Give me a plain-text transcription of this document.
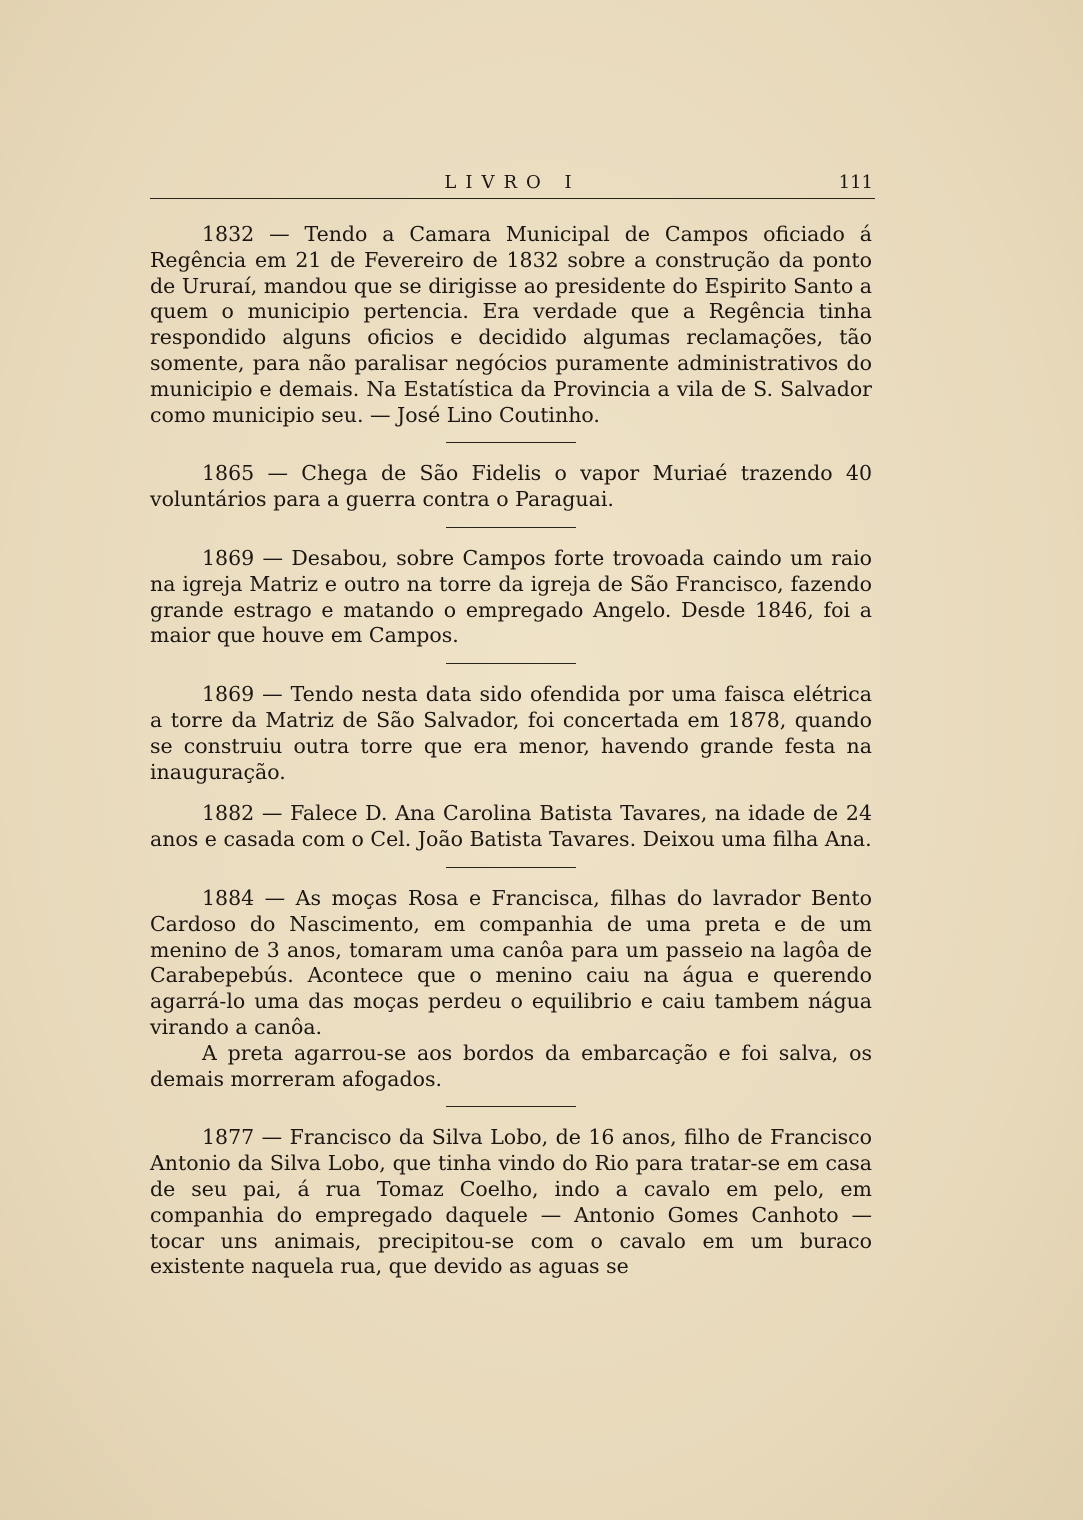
LIVRO I	111

1832 — Tendo a Camara Municipal de Campos oficiado á Regência em 21 de Fevereiro de 1832 sobre a construção da ponto de Ururaí, mandou que se dirigisse ao presidente do Espirito Santo a quem o municipio pertencia. Era verdade que a Regência tinha respondido alguns oficios e decidido algumas reclamações, tão somente, para não paralisar negócios puramente administrativos do municipio e demais. Na Estatística da Provincia a vila de S. Salvador como municipio seu. — José Lino Coutinho.

1865 — Chega de São Fidelis o vapor Muriaé trazendo 40 voluntários para a guerra contra o Paraguai.

1869 — Desabou, sobre Campos forte trovoada caindo um raio na igreja Matriz e outro na torre da igreja de São Francisco, fazendo grande estrago e matando o empregado Angelo. Desde 1846, foi a maior que houve em Campos.

1869 — Tendo nesta data sido ofendida por uma faisca elétrica a torre da Matriz de São Salvador, foi concertada em 1878, quando se construiu outra torre que era menor, havendo grande festa na inauguração.

1882 — Falece D. Ana Carolina Batista Tavares, na idade de 24 anos e casada com o Cel. João Batista Tavares. Deixou uma filha Ana.

1884 — As moças Rosa e Francisca, filhas do lavrador Bento Cardoso do Nascimento, em companhia de uma preta e de um menino de 3 anos, tomaram uma canôa para um passeio na lagôa de Carabepebús. Acontece que o menino caiu na água e querendo agarrá-lo uma das moças perdeu o equilibrio e caiu tambem nágua virando a canôa.

A preta agarrou-se aos bordos da embarcação e foi salva, os demais morreram afogados.

1877 — Francisco da Silva Lobo, de 16 anos, filho de Francisco Antonio da Silva Lobo, que tinha vindo do Rio para tratar-se em casa de seu pai, á rua Tomaz Coelho, indo a cavalo em pelo, em companhia do empregado daquele — Antonio Gomes Canhoto — tocar uns animais, precipitou-se com o cavalo em um buraco existente naquela rua, que devido as aguas se
